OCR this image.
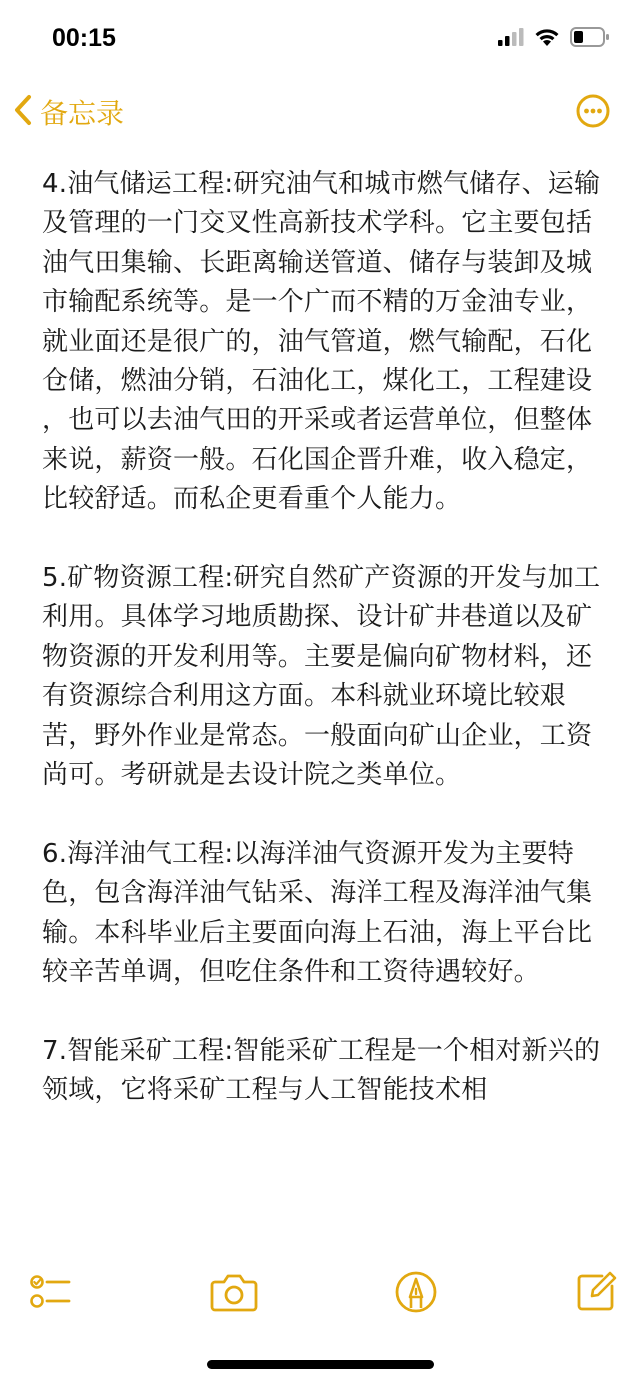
00:15
备忘录

4.油气储运工程:研究油气和城市燃气储存、运输及管理的一门交叉性高新技术学科。它主要包括油气田集输、长距离输送管道、储存与装卸及城市输配系统等。是一个广而不精的万金油专业，就业面还是很广的，油气管道，燃气输配，石化仓储，燃油分销，石油化工，煤化工，工程建设 ，也可以去油气田的开采或者运营单位，但整体来说，薪资一般。石化国企晋升难，收入稳定，比较舒适。而私企更看重个人能力。

5.矿物资源工程:研究自然矿产资源的开发与加工利用。具体学习地质勘探、设计矿井巷道以及矿物资源的开发利用等。主要是偏向矿物材料，还有资源综合利用这方面。本科就业环境比较艰苦，野外作业是常态。一般面向矿山企业，工资尚可。考研就是去设计院之类单位。

6.海洋油气工程:以海洋油气资源开发为主要特色，包含海洋油气钻采、海洋工程及海洋油气集输。本科毕业后主要面向海上石油，海上平台比较辛苦单调，但吃住条件和工资待遇较好。

7.智能采矿工程:智能采矿工程是一个相对新兴的领域，它将采矿工程与人工智能技术相
